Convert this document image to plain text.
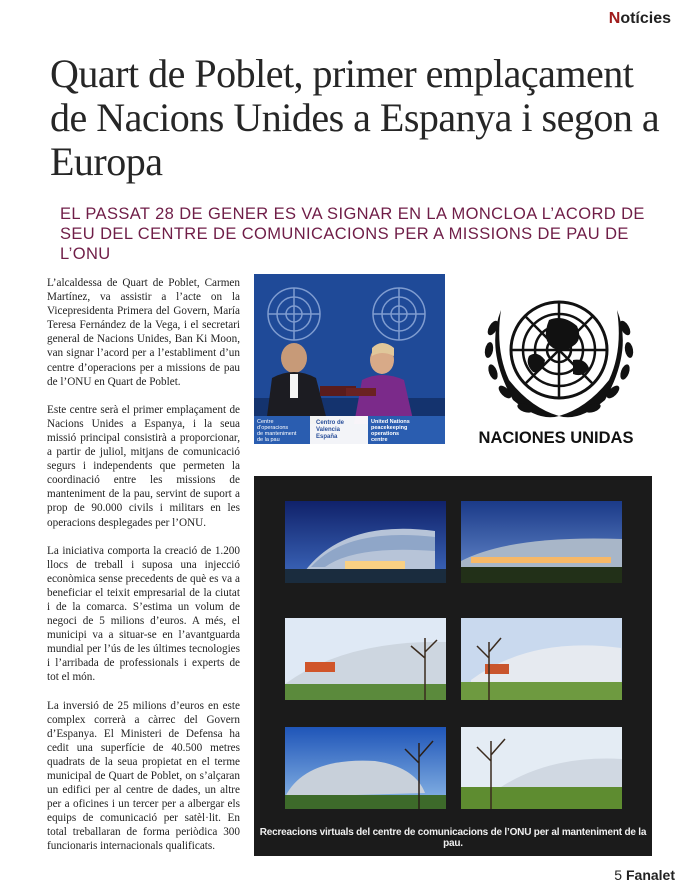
Notícies
Quart de Poblet, primer emplaçament de Nacions Unides a Espanya i segon a Europa

EL PASSAT 28 DE GENER ES VA SIGNAR EN LA MONCLOA L’ACORD DE SEU DEL CENTRE DE COMUNICACIONS PER A MISSIONS DE PAU DE L’ONU

L’alcaldessa de Quart de Poblet, Carmen Martínez, va assistir a l’acte on la Vicepresidenta Primera del Govern, María Teresa Fernández de la Vega, i el secretari general de Nacions Unides, Ban Ki Moon, van signar l’acord per a l’establiment d’un centre d’operacions per a missions de pau de l’ONU en Quart de Poblet.

Este centre serà el primer emplaçament de Nacions Unides a Espanya, i la seua missió principal consistirà a proporcionar, a partir de juliol, mitjans de comunicació segurs i independents que permeten la coordinació entre les missions de manteniment de la pau, servint de suport a prop de 90.000 civils i militars en les operacions desplegades per l’ONU.

La iniciativa comporta la creació de 1.200 llocs de treball i suposa una injecció econòmica sense precedents de què es va a beneficiar el teixit empresarial de la ciutat i de la comarca. S’estima un volum de negoci de 5 milions d’euros. A més, el municipi va a situar-se en l’avantguarda mundial per l’ús de les últimes tecnologies i l’arribada de professionals i experts de tot el món.

La inversió de 25 milions d’euros en este complex correrà a càrrec del Govern d’Espanya. El Ministeri de Defensa ha cedit una superfície de 40.500 metres quadrats de la seua propietat en el terme municipal de Quart de Poblet, on s’alçaran un edifici per al centre de dades, un altre per a oficines i un tercer per a albergar els equips de comunicació per satèl·lit. En total treballaran de forma periòdica 300 funcionaris internacionals qualificats.

Centre d’operacions de manteniment de la pau
Centro de Valencia España
United Nations peacekeeping operations centre	NACIONES UNIDAS
Recreacions virtuals del centre de comunicacions de l’ONU per al manteniment de la pau.
5 Fanalet
